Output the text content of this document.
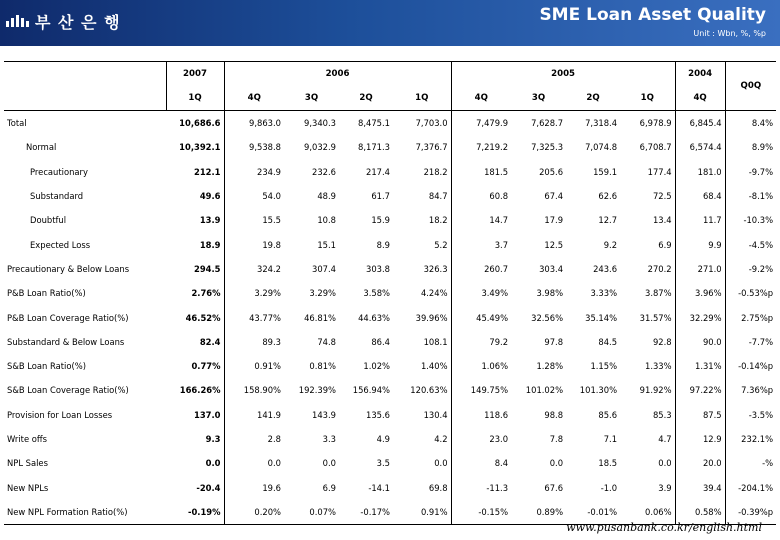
부 산 은 행	SME Loan Asset Quality
Unit : Wbn, %, %p
	2007	2006				2005				2004	Q0Q
	1Q	4Q	3Q	2Q	1Q	4Q	3Q	2Q	1Q	4Q	
Total	10,686.6	9,863.0	9,340.3	8,475.1	7,703.0	7,479.9	7,628.7	7,318.4	6,978.9	6,845.4	8.4%
Normal	10,392.1	9,538.8	9,032.9	8,171.3	7,376.7	7,219.2	7,325.3	7,074.8	6,708.7	6,574.4	8.9%
Precautionary	212.1	234.9	232.6	217.4	218.2	181.5	205.6	159.1	177.4	181.0	-9.7%
Substandard	49.6	54.0	48.9	61.7	84.7	60.8	67.4	62.6	72.5	68.4	-8.1%
Doubtful	13.9	15.5	10.8	15.9	18.2	14.7	17.9	12.7	13.4	11.7	-10.3%
Expected Loss	18.9	19.8	15.1	8.9	5.2	3.7	12.5	9.2	6.9	9.9	-4.5%
Precautionary & Below Loans	294.5	324.2	307.4	303.8	326.3	260.7	303.4	243.6	270.2	271.0	-9.2%
P&B Loan Ratio(%)	2.76%	3.29%	3.29%	3.58%	4.24%	3.49%	3.98%	3.33%	3.87%	3.96%	-0.53%p
P&B Loan Coverage Ratio(%)	46.52%	43.77%	46.81%	44.63%	39.96%	45.49%	32.56%	35.14%	31.57%	32.29%	2.75%p
Substandard & Below Loans	82.4	89.3	74.8	86.4	108.1	79.2	97.8	84.5	92.8	90.0	-7.7%
S&B Loan Ratio(%)	0.77%	0.91%	0.81%	1.02%	1.40%	1.06%	1.28%	1.15%	1.33%	1.31%	-0.14%p
S&B Loan Coverage Ratio(%)	166.26%	158.90%	192.39%	156.94%	120.63%	149.75%	101.02%	101.30%	91.92%	97.22%	7.36%p
Provision for Loan Losses	137.0	141.9	143.9	135.6	130.4	118.6	98.8	85.6	85.3	87.5	-3.5%
Write offs	9.3	2.8	3.3	4.9	4.2	23.0	7.8	7.1	4.7	12.9	232.1%
NPL Sales	0.0	0.0	0.0	3.5	0.0	8.4	0.0	18.5	0.0	20.0	-%
New NPLs	-20.4	19.6	6.9	-14.1	69.8	-11.3	67.6	-1.0	3.9	39.4	-204.1%
New NPL Formation Ratio(%)	-0.19%	0.20%	0.07%	-0.17%	0.91%	-0.15%	0.89%	-0.01%	0.06%	0.58%	-0.39%p
www.pusanbank.co.kr/english.html
